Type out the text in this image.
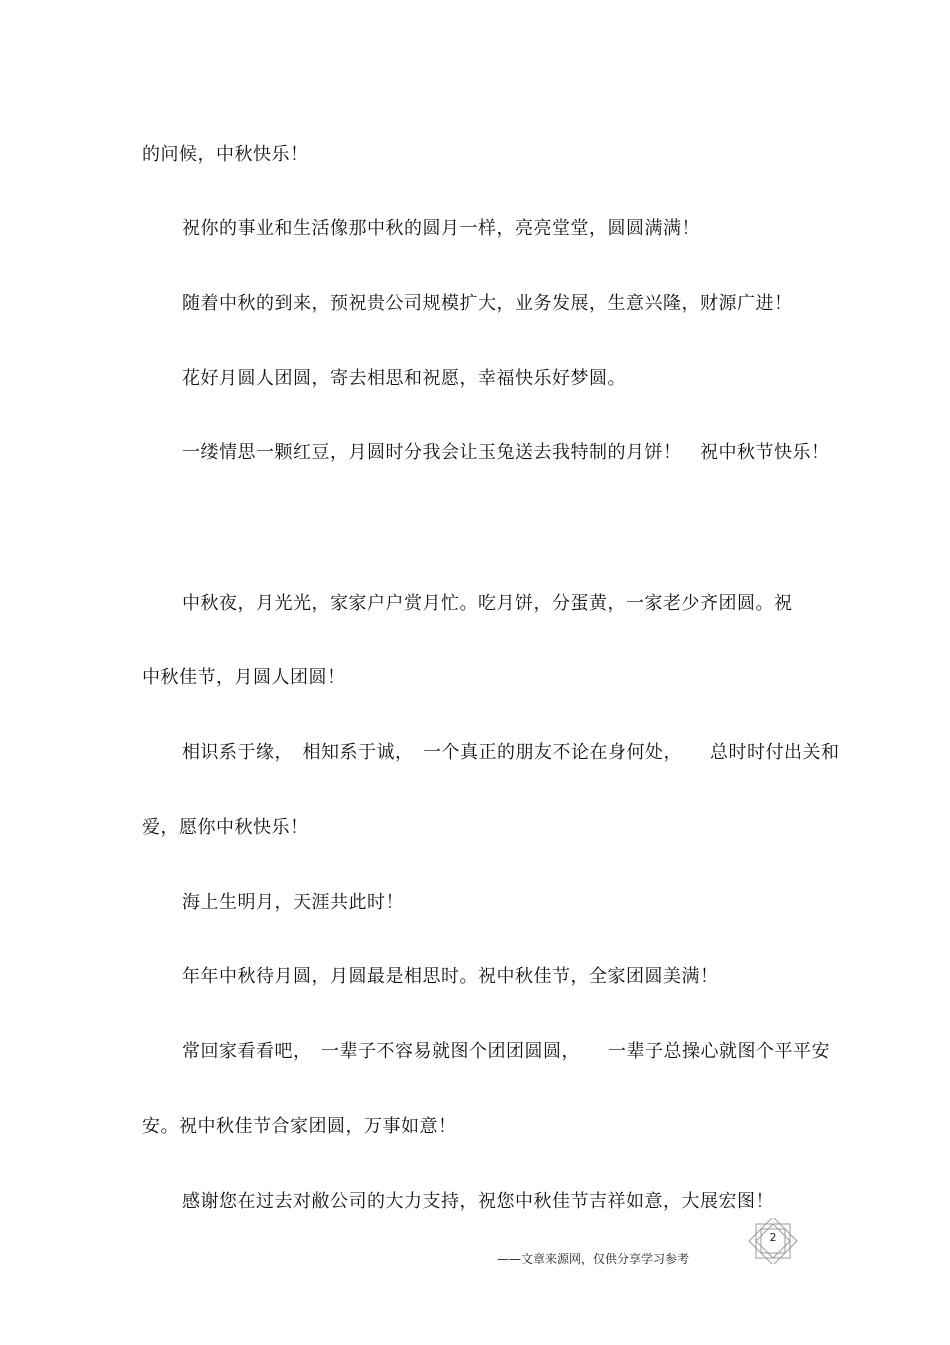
的问候，中秋快乐！
祝你的事业和生活像那中秋的圆月一样，亮亮堂堂，圆圆满满！
随着中秋的到来，预祝贵公司规模扩大，业务发展，生意兴隆，财源广进！
花好月圆人团圆，寄去相思和祝愿，幸福快乐好梦圆。
一缕情思一颗红豆，月圆时分我会让玉兔送去我特制的月饼！　祝中秋节快乐！
中秋夜，月光光，家家户户赏月忙。吃月饼，分蛋黄，一家老少齐团圆。祝
中秋佳节，月圆人团圆！
相识系于缘，　相知系于诚，　一个真正的朋友不论在身何处，　　总时时付出关和
爱，愿你中秋快乐！
海上生明月，天涯共此时！
年年中秋待月圆，月圆最是相思时。祝中秋佳节，全家团圆美满！
常回家看看吧，　一辈子不容易就图个团团圆圆，　　一辈子总操心就图个平平安
安。祝中秋佳节合家团圆，万事如意！
感谢您在过去对敝公司的大力支持，祝您中秋佳节吉祥如意，大展宏图！
2
——文章来源网，仅供分享学习参考
